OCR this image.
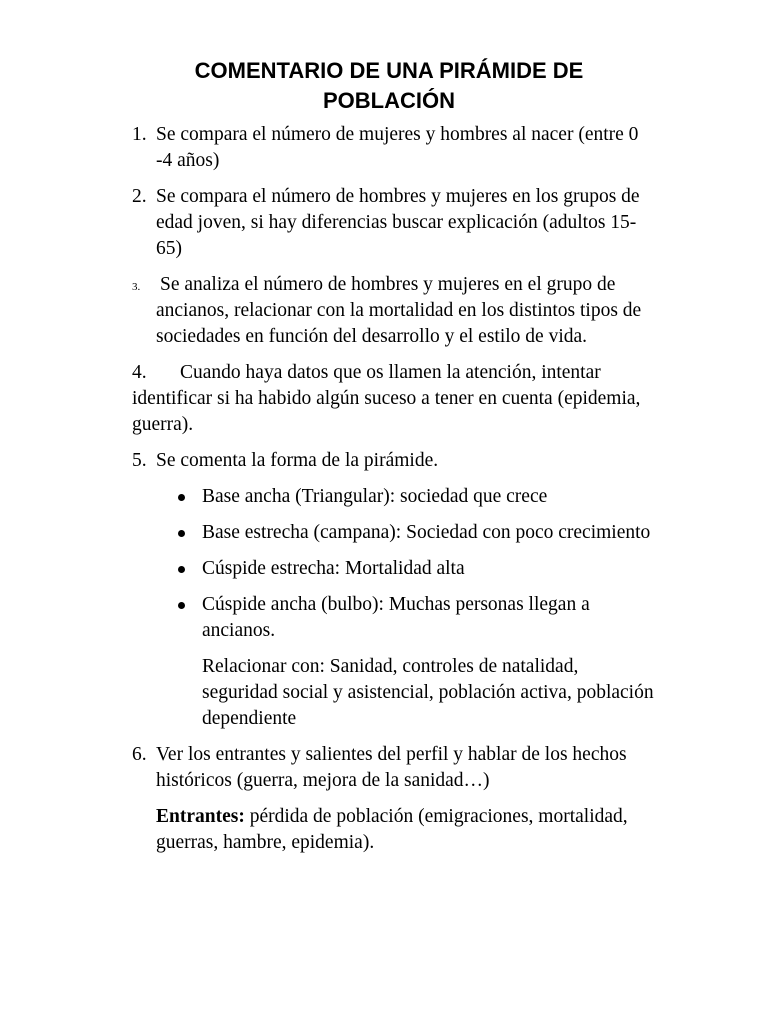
COMENTARIO DE UNA PIRÁMIDE DE POBLACIÓN
1. Se compara el número de mujeres y hombres al nacer (entre 0 -4 años)
2. Se compara el número de hombres y mujeres en los grupos de edad joven, si hay diferencias buscar explicación (adultos 15-65)
3. Se analiza el número de hombres y mujeres en el grupo de ancianos, relacionar con la mortalidad en los distintos tipos de sociedades en función del desarrollo y el estilo de vida.
4. Cuando haya datos que os llamen la atención, intentar identificar si ha habido algún suceso a tener en cuenta (epidemia, guerra).
5. Se comenta la forma de la pirámide.
Base ancha (Triangular): sociedad que crece
Base estrecha (campana): Sociedad con poco crecimiento
Cúspide estrecha: Mortalidad alta
Cúspide ancha (bulbo): Muchas personas llegan a ancianos.
Relacionar con: Sanidad, controles de natalidad, seguridad social y asistencial, población activa, población dependiente
6. Ver los entrantes y salientes del perfil y hablar de los hechos históricos (guerra, mejora de la sanidad…)
Entrantes: pérdida de población (emigraciones, mortalidad, guerras, hambre, epidemia).
